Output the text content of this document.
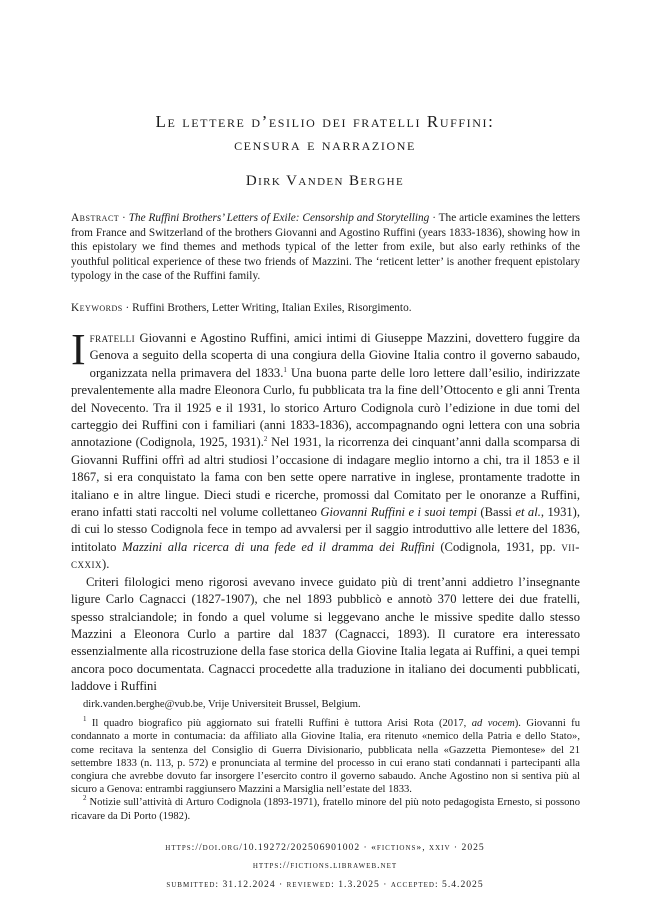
Le lettere d’esilio dei fratelli Ruffini:
censura e narrazione
Dirk Vanden Berghe

Abstract · The Ruffini Brothers’ Letters of Exile: Censorship and Storytelling · The article examines the letters from France and Switzerland of the brothers Giovanni and Agostino Ruffini (years 1833-1836), showing how in this epistolary we find themes and methods typical of the letter from exile, but also early rethinks of the youthful political experience of these two friends of Mazzini. The ‘reticent letter’ is another frequent epistolary typology in the case of the Ruffini family.

Keywords · Ruffini Brothers, Letter Writing, Italian Exiles, Risorgimento.

Ifratelli Giovanni e Agostino Ruffini, amici intimi di Giuseppe Mazzini, dovettero fuggire da Genova a seguito della scoperta di una congiura della Giovine Italia contro il governo sabaudo, organizzata nella primavera del 1833.$^1$ Una buona parte delle loro lettere dall’esilio, indirizzate prevalentemente alla madre Eleonora Curlo, fu pubblicata tra la fine dell’Ottocento e gli anni Trenta del Novecento. Tra il 1925 e il 1931, lo storico Arturo Codignola curò l’edizione in due tomi del carteggio dei Ruffini con i familiari (anni 1833-1836), accompagnando ogni lettera con una sobria annotazione (Codignola, 1925, 1931).$^2$ Nel 1931, la ricorrenza dei cinquant’anni dalla scomparsa di Giovanni Ruffini offrì ad altri studiosi l’occasione di indagare meglio intorno a chi, tra il 1853 e il 1867, si era conquistato la fama con ben sette opere narrative in inglese, prontamente tradotte in italiano e in altre lingue. Dieci studi e ricerche, promossi dal Comitato per le onoranze a Ruffini, erano infatti stati raccolti nel volume collettaneo Giovanni Ruffini e i suoi tempi (Bassi et al., 1931), di cui lo stesso Codignola fece in tempo ad avvalersi per il saggio introduttivo alle lettere del 1836, intitolato Mazzini alla ricerca di una fede ed il dramma dei Ruffini (Codignola, 1931, pp. vii-cxxix).

Criteri filologici meno rigorosi avevano invece guidato più di trent’anni addietro l’insegnante ligure Carlo Cagnacci (1827-1907), che nel 1893 pubblicò e annotò 370 lettere dei due fratelli, spesso stralciandole; in fondo a quel volume si leggevano anche le missive spedite dallo stesso Mazzini a Eleonora Curlo a partire dal 1837 (Cagnacci, 1893). Il curatore era interessato essenzialmente alla ricostruzione della fase storica della Giovine Italia legata ai Ruffini, a quei tempi ancora poco documentata. Cagnacci procedette alla traduzione in italiano dei documenti pubblicati, laddove i Ruffini

dirk.vanden.berghe@vub.be, Vrije Universiteit Brussel, Belgium.

$^1$ Il quadro biografico più aggiornato sui fratelli Ruffini è tuttora Arisi Rota (2017, ad vocem). Giovanni fu condannato a morte in contumacia: da affiliato alla Giovine Italia, era ritenuto «nemico della Patria e dello Stato», come recitava la sentenza del Consiglio di Guerra Divisionario, pubblicata nella «Gazzetta Piemontese» del 21 settembre 1833 (n. 113, p. 572) e pronunciata al termine del processo in cui erano stati condannati i partecipanti alla congiura che avrebbe dovuto far insorgere l’esercito contro il governo sabaudo. Anche Agostino non si sentiva più al sicuro a Genova: entrambi raggiunsero Mazzini a Marsiglia nell’estate del 1833.

$^2$ Notizie sull’attività di Arturo Codignola (1893-1971), fratello minore del più noto pedagogista Ernesto, si possono ricavare da Di Porto (1982).

https://doi.org/10.19272/202506901002 · «fictions», xxiv · 2025
https://fictions.libraweb.net
submitted: 31.12.2024 · reviewed: 1.3.2025 · accepted: 5.4.2025
